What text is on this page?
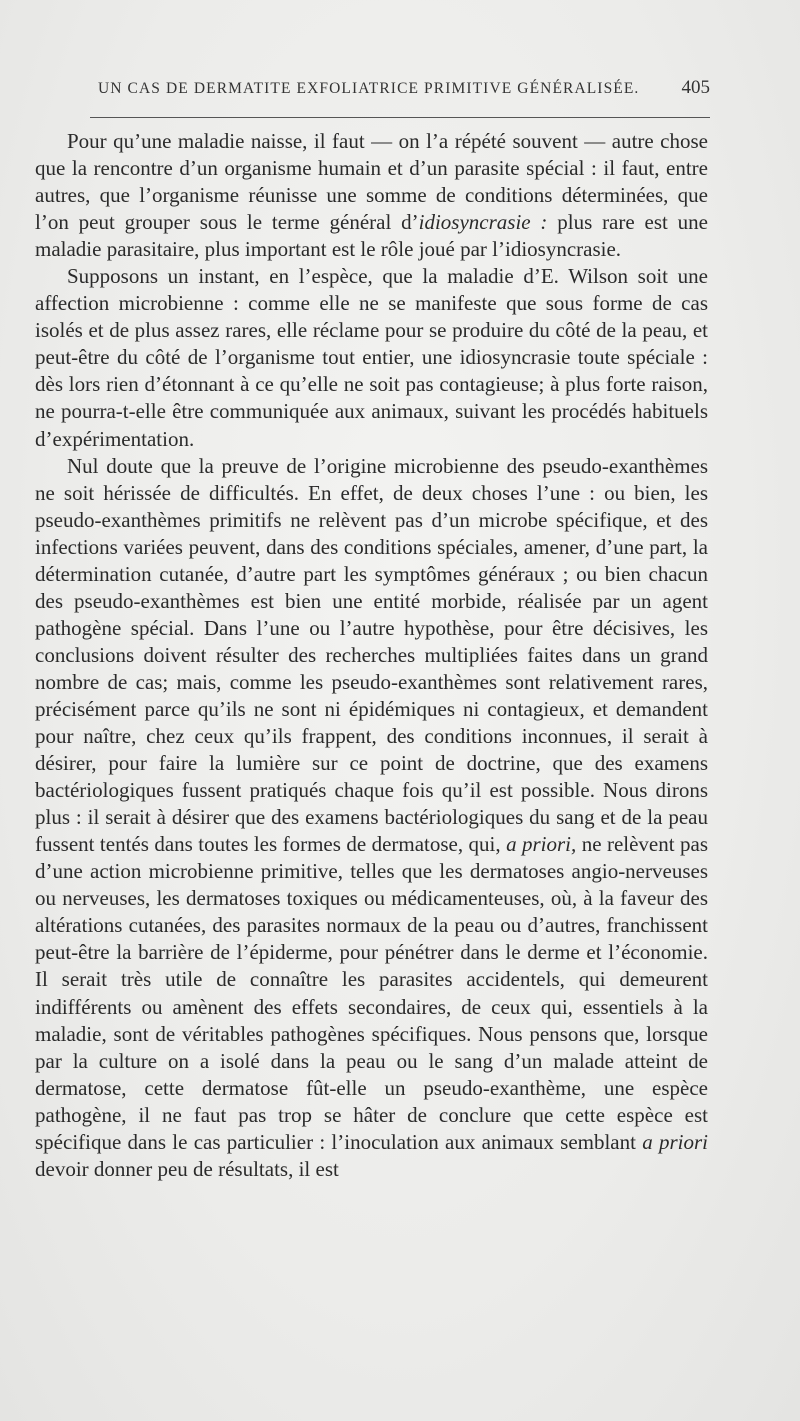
UN CAS DE DERMATITE EXFOLIATRICE PRIMITIVE GÉNÉRALISÉE. 405

Pour qu’une maladie naisse, il faut — on l’a répété souvent — autre chose que la rencontre d’un organisme humain et d’un parasite spécial : il faut, entre autres, que l’organisme réunisse une somme de conditions déterminées, que l’on peut grouper sous le terme général d’idiosyncrasie : plus rare est une maladie parasitaire, plus important est le rôle joué par l’idiosyncrasie.

Supposons un instant, en l’espèce, que la maladie d’E. Wilson soit une affection microbienne : comme elle ne se manifeste que sous forme de cas isolés et de plus assez rares, elle réclame pour se produire du côté de la peau, et peut-être du côté de l’organisme tout entier, une idiosyncrasie toute spéciale : dès lors rien d’étonnant à ce qu’elle ne soit pas contagieuse; à plus forte raison, ne pourra-t-elle être communiquée aux animaux, suivant les procédés habituels d’expérimentation.

Nul doute que la preuve de l’origine microbienne des pseudo-exanthèmes ne soit hérissée de difficultés. En effet, de deux choses l’une : ou bien, les pseudo-exanthèmes primitifs ne relèvent pas d’un microbe spécifique, et des infections variées peuvent, dans des conditions spéciales, amener, d’une part, la détermination cutanée, d’autre part les symptômes généraux ; ou bien chacun des pseudo-exanthèmes est bien une entité morbide, réalisée par un agent pathogène spécial. Dans l’une ou l’autre hypothèse, pour être décisives, les conclusions doivent résulter des recherches multipliées faites dans un grand nombre de cas; mais, comme les pseudo-exanthèmes sont relativement rares, précisément parce qu’ils ne sont ni épidémiques ni contagieux, et demandent pour naître, chez ceux qu’ils frappent, des conditions inconnues, il serait à désirer, pour faire la lumière sur ce point de doctrine, que des examens bactériologiques fussent pratiqués chaque fois qu’il est possible. Nous dirons plus : il serait à désirer que des examens bactériologiques du sang et de la peau fussent tentés dans toutes les formes de dermatose, qui, a priori, ne relèvent pas d’une action microbienne primitive, telles que les dermatoses angio-nerveuses ou nerveuses, les dermatoses toxiques ou médicamenteuses, où, à la faveur des altérations cutanées, des parasites normaux de la peau ou d’autres, franchissent peut-être la barrière de l’épiderme, pour pénétrer dans le derme et l’économie. Il serait très utile de connaître les parasites accidentels, qui demeurent indifférents ou amènent des effets secondaires, de ceux qui, essentiels à la maladie, sont de véritables pathogènes spécifiques. Nous pensons que, lorsque par la culture on a isolé dans la peau ou le sang d’un malade atteint de dermatose, cette dermatose fût-elle un pseudo-exanthème, une espèce pathogène, il ne faut pas trop se hâter de conclure que cette espèce est spécifique dans le cas particulier : l’inoculation aux animaux semblant a priori devoir donner peu de résultats, il est
